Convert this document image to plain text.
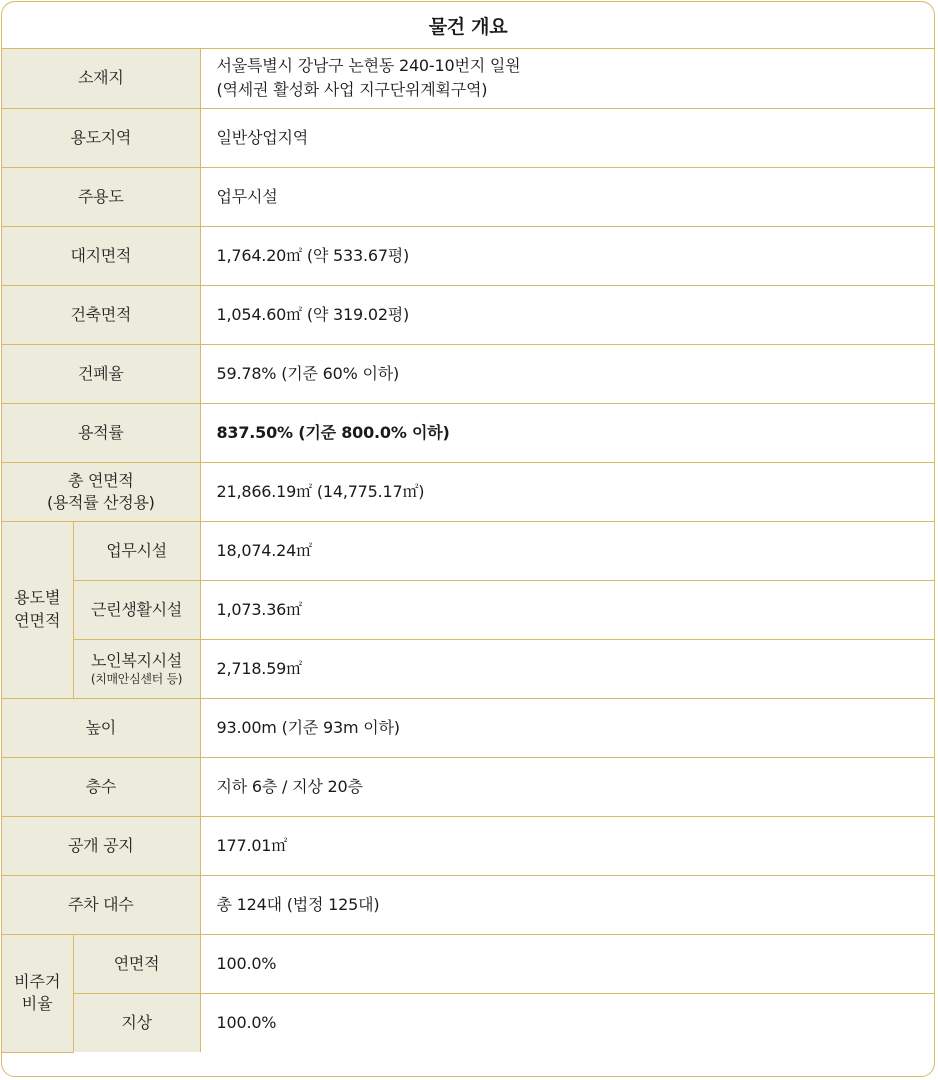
물건 개요
소재지		서울특별시 강남구 논현동 240-10번지 일원
(역세권 활성화 사업 지구단위계획구역)

용도지역		일반상업지역
주용도		업무시설
대지면적		1,764.20㎡ (약 533.67평)
건축면적		1,054.60㎡ (약 319.02평)
건폐율		59.78% (기준 60% 이하)
용적률		837.50% (기준 800.0% 이하)

총 연면적
(용적률 산정용)		21,866.19㎡ (14,775.17㎡)

용도별
연면적	업무시설	18,074.24㎡
	근린생활시설	1,073.36㎡

	노인복지시설
(치매안심센터 등)	2,718.59㎡
높이		93.00m (기준 93m 이하)
층수		지하 6층 / 지상 20층
공개 공지		177.01㎡
주차 대수		총 124대 (법정 125대)

비주거
비율	연면적	100.0%
	지상	100.0%
